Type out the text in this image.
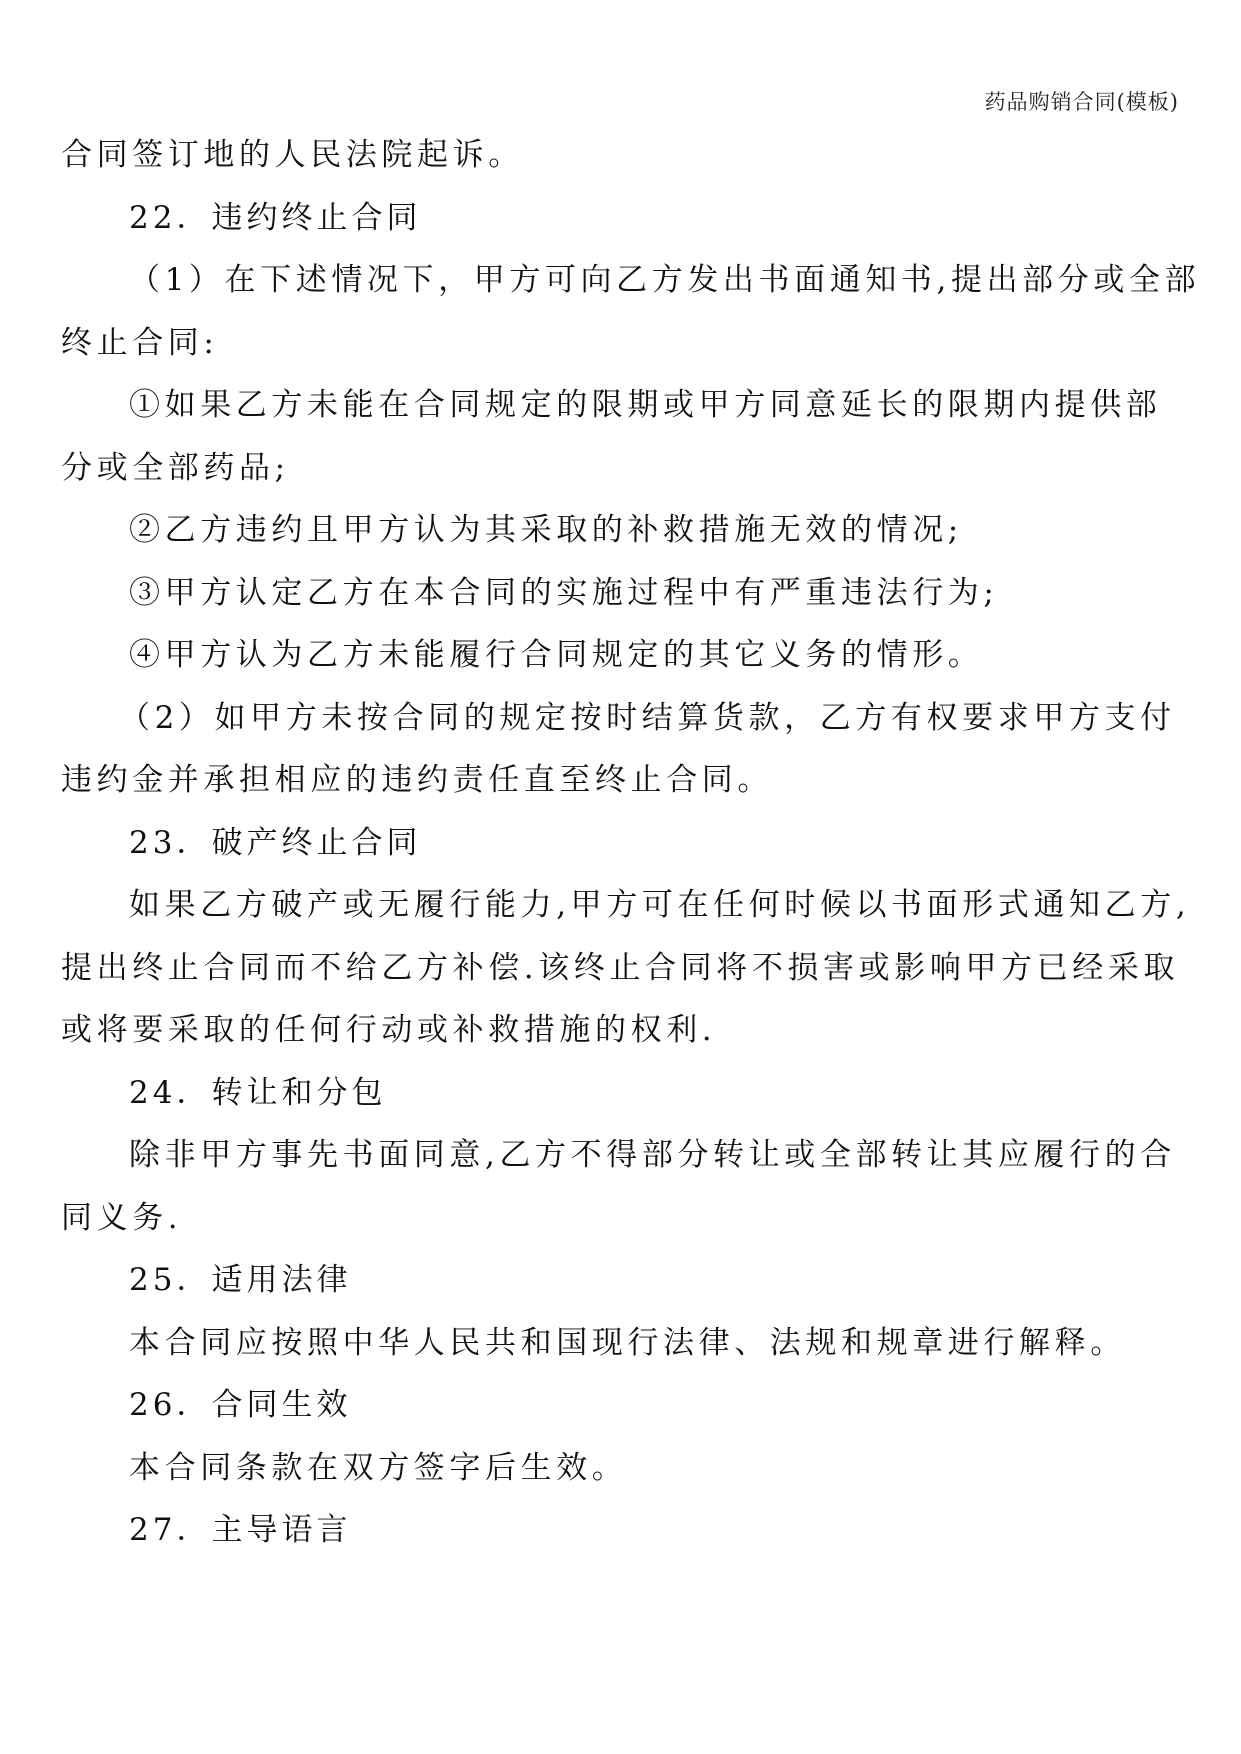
药品购销合同(模板)
合同签订地的人民法院起诉。
22．违约终止合同
（1）在下述情况下，甲方可向乙方发出书面通知书,提出部分或全部
终止合同:
①如果乙方未能在合同规定的限期或甲方同意延长的限期内提供部
分或全部药品;
②乙方违约且甲方认为其采取的补救措施无效的情况;
③甲方认定乙方在本合同的实施过程中有严重违法行为;
④甲方认为乙方未能履行合同规定的其它义务的情形。
（2）如甲方未按合同的规定按时结算货款，乙方有权要求甲方支付
违约金并承担相应的违约责任直至终止合同。
23．破产终止合同
如果乙方破产或无履行能力,甲方可在任何时候以书面形式通知乙方,
提出终止合同而不给乙方补偿.该终止合同将不损害或影响甲方已经采取
或将要采取的任何行动或补救措施的权利.
24．转让和分包
除非甲方事先书面同意,乙方不得部分转让或全部转让其应履行的合
同义务.
25．适用法律
本合同应按照中华人民共和国现行法律、法规和规章进行解释。
26．合同生效
本合同条款在双方签字后生效。
27．主导语言
